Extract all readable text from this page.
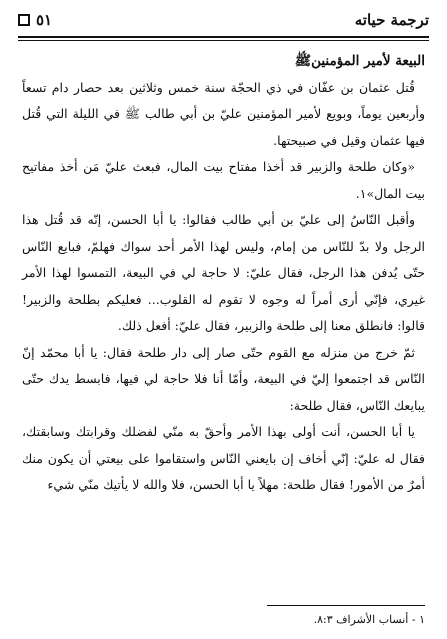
٥١	ترجمة حياته

البيعة لأمير المؤمنينﷺ

قُتل عثمان بن عفّان في ذي الحجّة سنة خمس وثلاثين بعد حصار دام تسعاً وأربعين يوماً، وبويع لأمير المؤمنين عليّ بن أبي طالب ﷺ في الليلة التي قُتل فيها عثمان وقيل في صبيحتها.

«وكان طلحة والزبير قد أخذا مفتاح بيت المال، فبعث عليّ مَن أخذ مفاتيح بيت المال»١.

وأقبل النّاسُ إلى عليّ بن أبي طالب فقالوا: يا أبا الحسن، إنّه قد قُتل هذا الرجل ولا بدّ للنّاس من إمام، وليس لهذا الأمر أحد سواك فهلمّ، فبايع النّاس حتّى يُدفن هذا الرجل، فقال عليّ: لا حاجة لي في البيعة، التمسوا لهذا الأمر غيري، فإنّي أرى أمراً له وجوه لا تقوم له القلوب... فعليكم بطلحة والزبير! قالوا: فانطلق معنا إلى طلحة والزبير، فقال عليّ: أفعل ذلك.

ثمّ خرج من منزله مع القوم حتّى صار إلى دار طلحة فقال: يا أبا محمّد إنّ النّاس قد اجتمعوا إليّ في البيعة، وأمّا أنا فلا حاجة لي فيها، فابسط يدك حتّى يبايعك النّاس، فقال طلحة:

يا أبا الحسن، أنت أولى بهذا الأمر وأحقّ به منّي لفضلك وقرابتك وسابقتك، فقال له عليّ: إنّي أخاف إن بايعني النّاس واستقاموا على بيعتي أن يكون منك أمرٌ من الأمور! فقال طلحة: مهلاً يا أبا الحسن، فلا والله لا يأتيك منّي شيء

١ - أنساب الأشراف ٨:٣.
